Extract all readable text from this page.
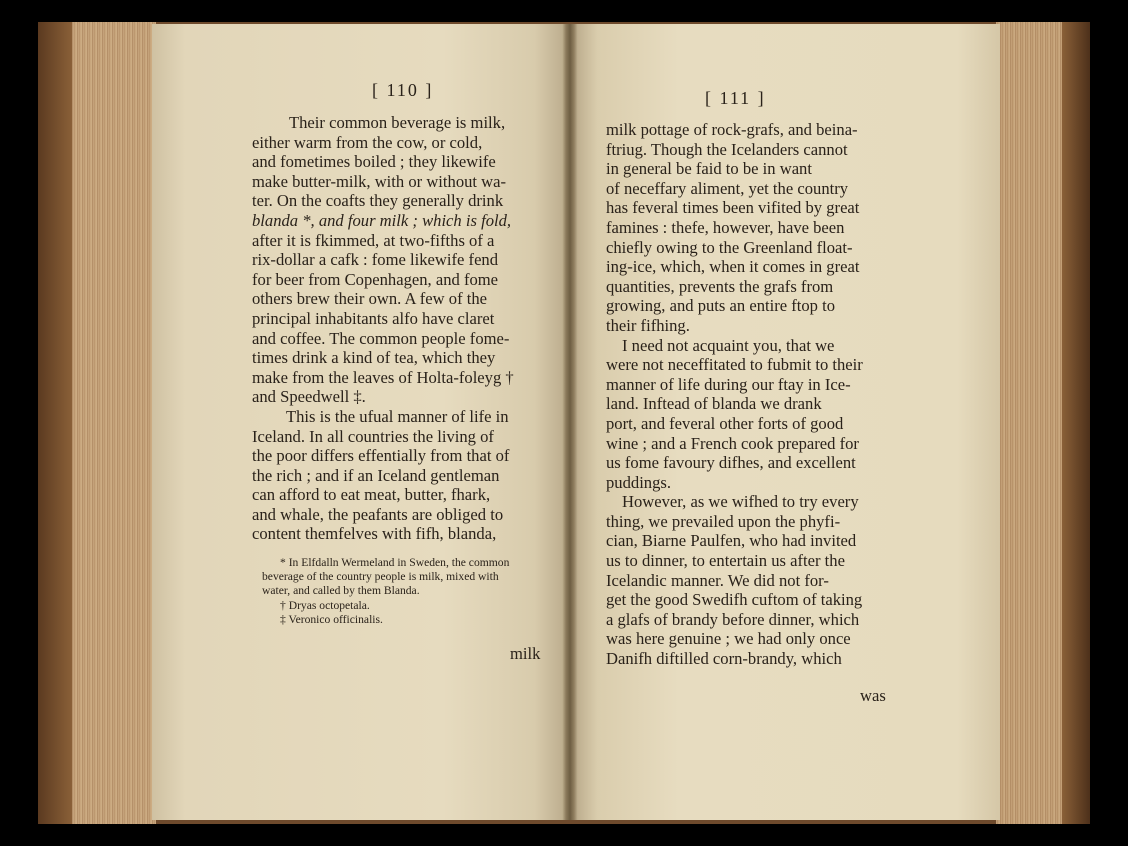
[ 110 ]
Their common beverage is milk,
either warm from the cow, or cold,
and fometimes boiled ; they likewife
make butter-milk, with or without wa-
ter. On the coafts they generally drink
blanda *, and four milk ; which is fold,
after it is fkimmed, at two-fifths of a
rix-dollar a cafk : fome likewife fend
for beer from Copenhagen, and fome
others brew their own. A few of the
principal inhabitants alfo have claret
and coffee. The common people fome-
times drink a kind of tea, which they
make from the leaves of Holta-foleyg †
and Speedwell ‡.
This is the ufual manner of life in
Iceland. In all countries the living of
the poor differs effentially from that of
the rich ; and if an Iceland gentleman
can afford to eat meat, butter, fhark,
and whale, the peafants are obliged to
content themfelves with fifh, blanda,
* In Elfdalln Wermeland in Sweden, the common
beverage of the country people is milk, mixed with
water, and called by them Blanda.
† Dryas octopetala.
‡ Veronico officinalis.
milk
[ 111 ]
milk pottage of rock-grafs, and beina-
ftriug. Though the Icelanders cannot
in general be faid to be in want
of neceffary aliment, yet the country
has feveral times been vifited by great
famines : thefe, however, have been
chiefly owing to the Greenland float-
ing-ice, which, when it comes in great
quantities, prevents the grafs from
growing, and puts an entire ftop to
their fifhing.
I need not acquaint you, that we
were not neceffitated to fubmit to their
manner of life during our ftay in Ice-
land. Inftead of blanda we drank
port, and feveral other forts of good
wine ; and a French cook prepared for
us fome favoury difhes, and excellent
puddings.
However, as we wifhed to try every
thing, we prevailed upon the phyfi-
cian, Biarne Paulfen, who had invited
us to dinner, to entertain us after the
Icelandic manner. We did not for-
get the good Swedifh cuftom of taking
a glafs of brandy before dinner, which
was here genuine ; we had only once
Danifh diftilled corn-brandy, which
was
